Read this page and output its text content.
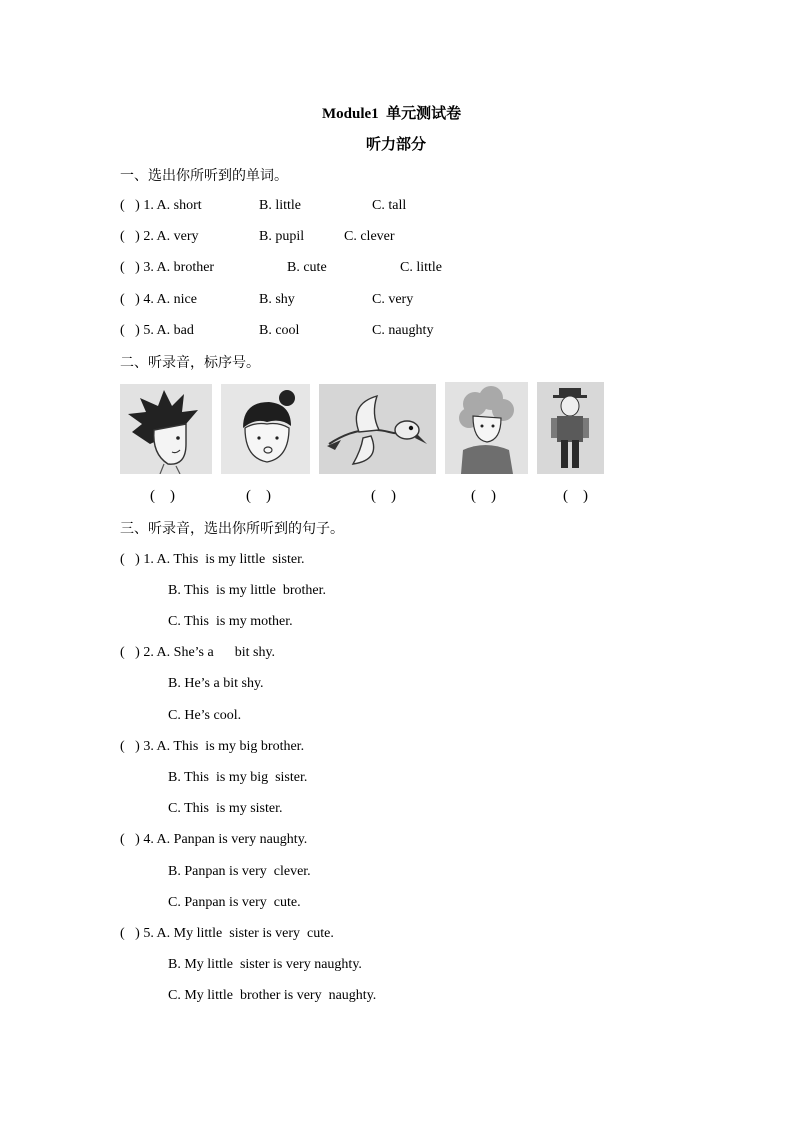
Module1  单元测试卷
听力部分
一、选出你所听到的单词。
(   ) 1. A. short	B. little	C. tall
(   ) 2. A. very	B. pupil	C. clever
(   ) 3. A. brother	B. cute	C. little
(   ) 4. A. nice	B. shy	C. very
(   ) 5. A. bad	B. cool	C. naughty
二、听录音，标序号。
(    )	(    )	(    )	(    )	(    )
三、听录音，选出你所听到的句子。
(   ) 1. A. This  is my little  sister.
B. This  is my little  brother.
C. This  is my mother.
(   ) 2. A. She’s a      bit shy.
B. He’s a bit shy.
C. He’s cool.
(   ) 3. A. This  is my big brother.
B. This  is my big  sister.
C. This  is my sister.
(   ) 4. A. Panpan is very naughty.
B. Panpan is very  clever.
C. Panpan is very  cute.
(   ) 5. A. My little  sister is very  cute.
B. My little  sister is very naughty.
C. My little  brother is very  naughty.
